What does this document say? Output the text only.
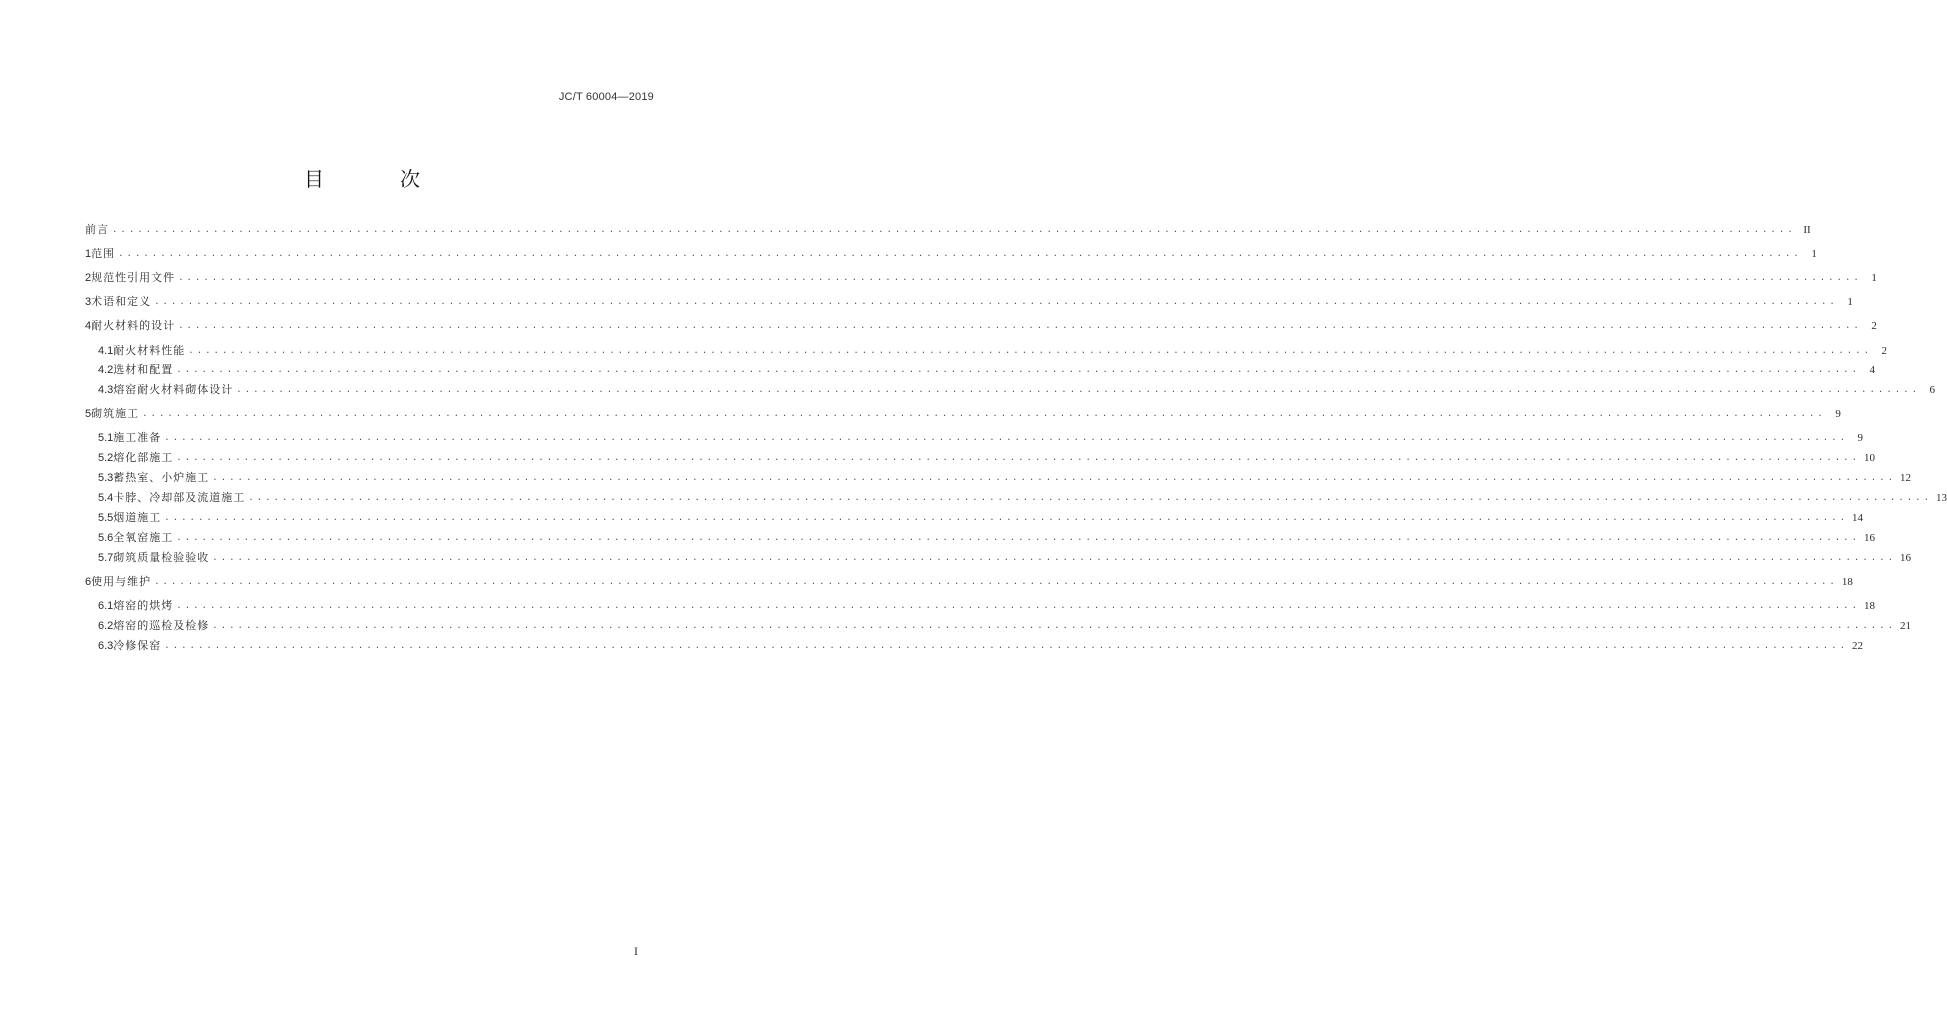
JC/T 60004—2019
目　次
前言 ........................................................................................................................................................................................................ II
1 范围 ........................................................................................................................................................................................................ 1
2 规范性引用文件 ........................................................................................................................................................................................................ 1
3 术语和定义 ........................................................................................................................................................................................................ 1
4 耐火材料的设计 ........................................................................................................................................................................................................ 2
4.1 耐火材料性能 ........................................................................................................................................................................................................ 2
4.2 选材和配置 ........................................................................................................................................................................................................ 4
4.3 熔窑耐火材料砌体设计 ........................................................................................................................................................................................................ 6
5 砌筑施工 ........................................................................................................................................................................................................ 9
5.1 施工准备 ........................................................................................................................................................................................................ 9
5.2 熔化部施工 ........................................................................................................................................................................................................ 10
5.3 蓄热室、小炉施工 ........................................................................................................................................................................................................ 12
5.4 卡脖、冷却部及流道施工 ........................................................................................................................................................................................................ 13
5.5 烟道施工 ........................................................................................................................................................................................................ 14
5.6 全氧窑施工 ........................................................................................................................................................................................................ 16
5.7 砌筑质量检验验收 ........................................................................................................................................................................................................ 16
6 使用与维护 ........................................................................................................................................................................................................ 18
6.1 熔窑的烘烤 ........................................................................................................................................................................................................ 18
6.2 熔窑的巡检及检修 ........................................................................................................................................................................................................ 21
6.3 冷修保窑 ........................................................................................................................................................................................................ 22
I
